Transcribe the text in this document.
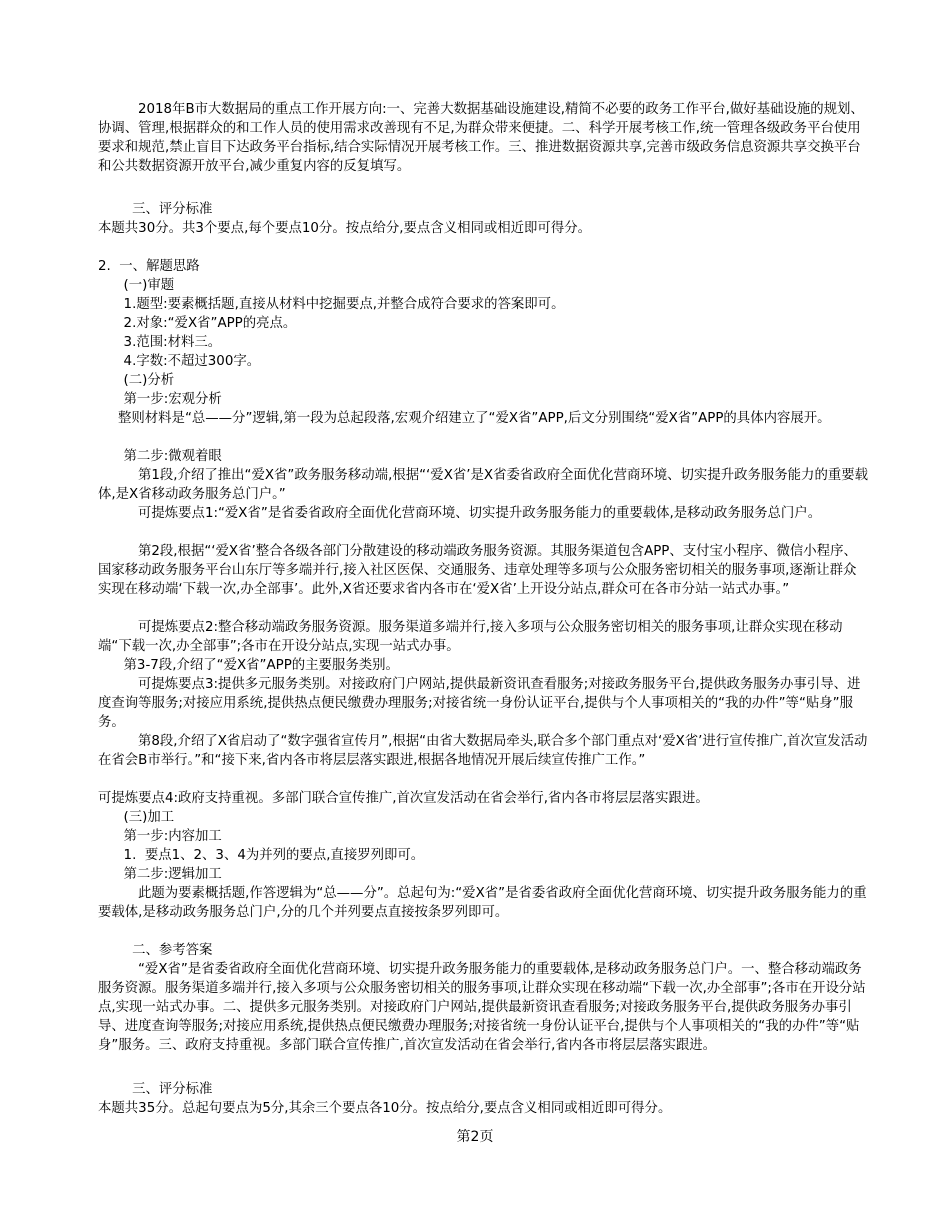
2018年B市大数据局的重点工作开展方向:一、完善大数据基础设施建设,精简不必要的政务工作平台,做好基础设施的规划、协调、管理,根据群众的和工作人员的使用需求改善现有不足,为群众带来便捷。二、科学开展考核工作,统一管理各级政务平台使用要求和规范,禁止盲目下达政务平台指标,结合实际情况开展考核工作。三、推进数据资源共享,完善市级政务信息资源共享交换平台和公共数据资源开放平台,减少重复内容的反复填写。

三、评分标准

本题共30分。共3个要点,每个要点10分。按点给分,要点含义相同或相近即可得分。

2.  一、解题思路

(一)审题
1.题型:要素概括题,直接从材料中挖掘要点,并整合成符合要求的答案即可。
2.对象:“爱X省”APP的亮点。
3.范围:材料三。
4.字数:不超过300字。
(二)分析
第一步:宏观分析

整则材料是“总——分”逻辑,第一段为总起段落,宏观介绍建立了“爱X省”APP,后文分别围绕“爱X省”APP的具体内容展开。

第二步:微观着眼

第1段,介绍了推出“爱X省”政务服务移动端,根据“‘爱X省’是X省委省政府全面优化营商环境、切实提升政务服务能力的重要载体,是X省移动政务服务总门户。”

可提炼要点1:“爱X省”是省委省政府全面优化营商环境、切实提升政务服务能力的重要载体,是移动政务服务总门户。

第2段,根据“‘爱X省’整合各级各部门分散建设的移动端政务服务资源。其服务渠道包含APP、支付宝小程序、微信小程序、国家移动政务服务平台山东厅等多端并行,接入社区医保、交通服务、违章处理等多项与公众服务密切相关的服务事项,逐渐让群众实现在移动端‘下载一次,办全部事’。此外,X省还要求省内各市在‘爱X省’上开设分站点,群众可在各市分站一站式办事。”

可提炼要点2:整合移动端政务服务资源。服务渠道多端并行,接入多项与公众服务密切相关的服务事项,让群众实现在移动端“下载一次,办全部事”;各市在开设分站点,实现一站式办事。

第3-7段,介绍了“爱X省”APP的主要服务类别。

可提炼要点3:提供多元服务类别。对接政府门户网站,提供最新资讯查看服务;对接政务服务平台,提供政务服务办事引导、进度查询等服务;对接应用系统,提供热点便民缴费办理服务;对接省统一身份认证平台,提供与个人事项相关的“我的办件”等“贴身”服务。

第8段,介绍了X省启动了“数字强省宣传月”,根据“由省大数据局牵头,联合多个部门重点对‘爱X省’进行宣传推广,首次宣发活动在省会B市举行。”和“接下来,省内各市将层层落实跟进,根据各地情况开展后续宣传推广工作。”

可提炼要点4:政府支持重视。多部门联合宣传推广,首次宣发活动在省会举行,省内各市将层层落实跟进。

(三)加工
第一步:内容加工
1.  要点1、2、3、4为并列的要点,直接罗列即可。
第二步:逻辑加工

此题为要素概括题,作答逻辑为“总——分”。总起句为:“爱X省”是省委省政府全面优化营商环境、切实提升政务服务能力的重要载体,是移动政务服务总门户,分的几个并列要点直接按条罗列即可。

二、参考答案

“爱X省”是省委省政府全面优化营商环境、切实提升政务服务能力的重要载体,是移动政务服务总门户。一、整合移动端政务服务资源。服务渠道多端并行,接入多项与公众服务密切相关的服务事项,让群众实现在移动端“下载一次,办全部事”;各市在开设分站点,实现一站式办事。二、提供多元服务类别。对接政府门户网站,提供最新资讯查看服务;对接政务服务平台,提供政务服务办事引导、进度查询等服务;对接应用系统,提供热点便民缴费办理服务;对接省统一身份认证平台,提供与个人事项相关的“我的办件”等“贴身”服务。三、政府支持重视。多部门联合宣传推广,首次宣发活动在省会举行,省内各市将层层落实跟进。

三、评分标准

本题共35分。总起句要点为5分,其余三个要点各10分。按点给分,要点含义相同或相近即可得分。

第2页
